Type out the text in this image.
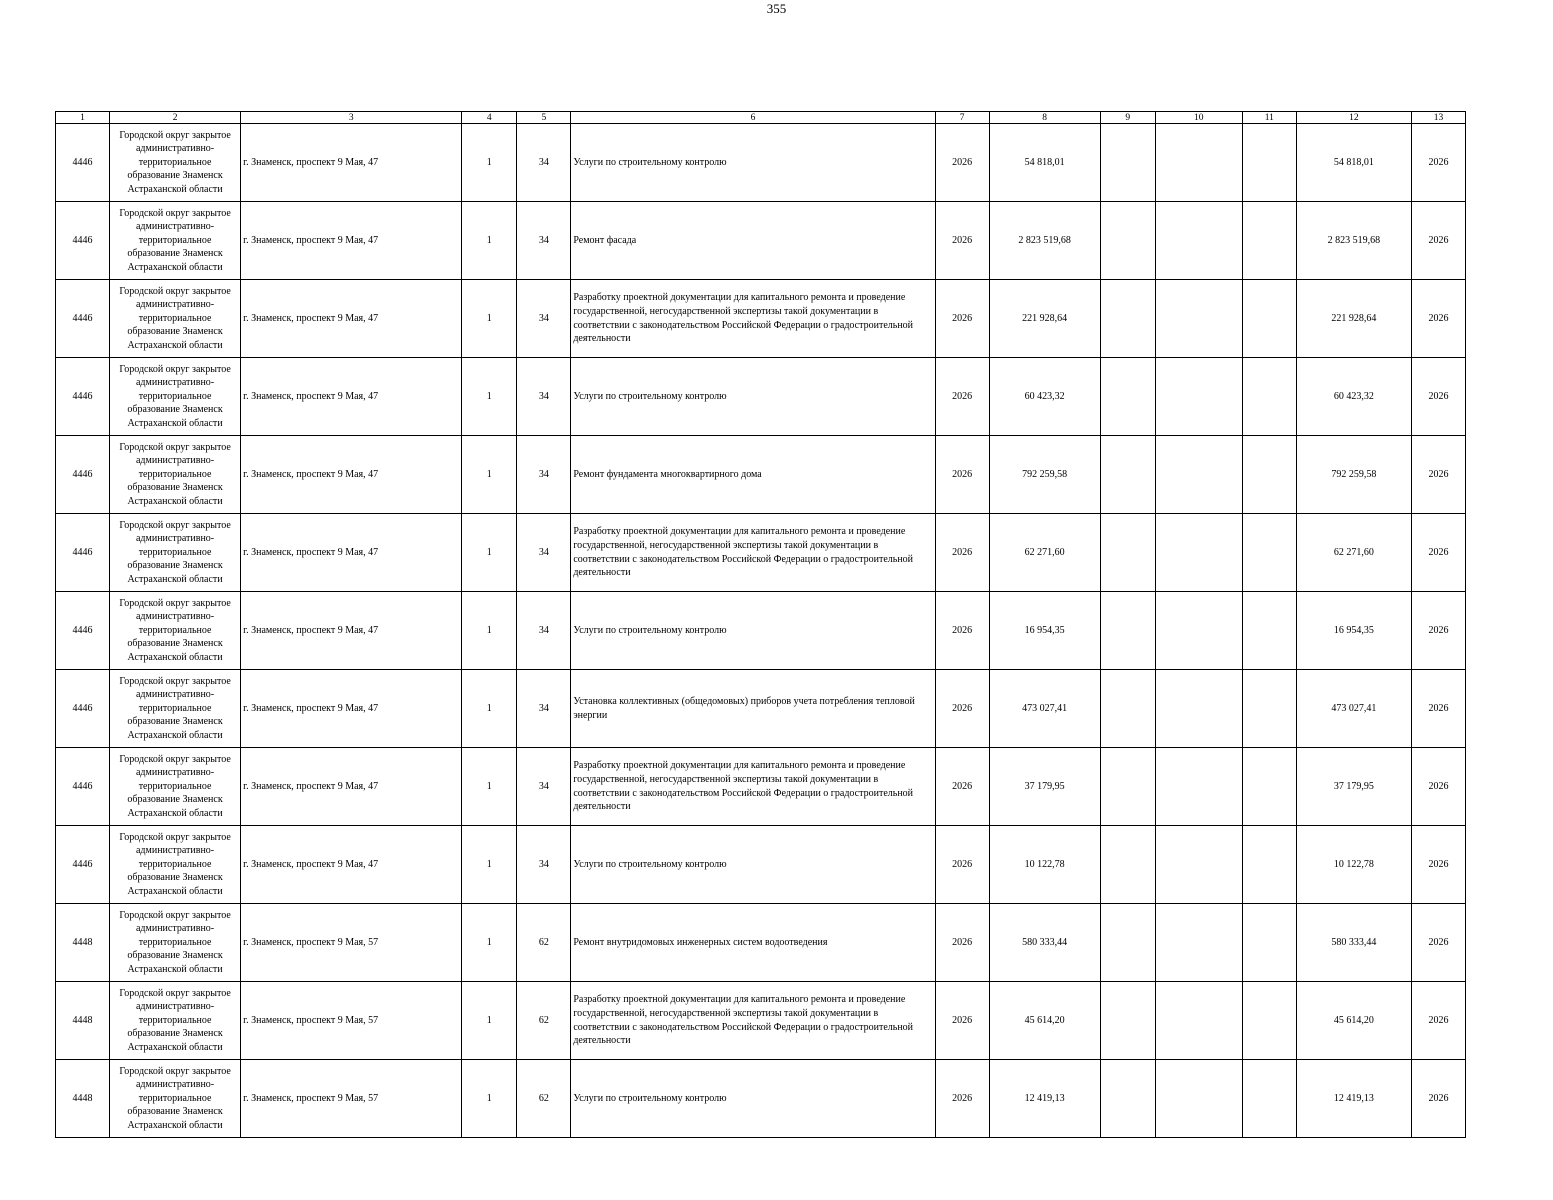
355
1	2	3	4	5	6	7	8	9	10	11	12	13
4446	Городской округ закрытое административно-территориальное образование Знаменск Астраханской области	г. Знаменск, проспект 9 Мая, 47	1	34	Услуги по строительному контролю	2026	54 818,01				54 818,01	2026
4446	Городской округ закрытое административно-территориальное образование Знаменск Астраханской области	г. Знаменск, проспект 9 Мая, 47	1	34	Ремонт фасада	2026	2 823 519,68				2 823 519,68	2026
4446	Городской округ закрытое административно-территориальное образование Знаменск Астраханской области	г. Знаменск, проспект 9 Мая, 47	1	34	Разработку проектной документации для капитального ремонта и проведение государственной, негосударственной экспертизы такой документации в соответствии с законодательством Российской Федерации о градостроительной деятельности	2026	221 928,64				221 928,64	2026
4446	Городской округ закрытое административно-территориальное образование Знаменск Астраханской области	г. Знаменск, проспект 9 Мая, 47	1	34	Услуги по строительному контролю	2026	60 423,32				60 423,32	2026
4446	Городской округ закрытое административно-территориальное образование Знаменск Астраханской области	г. Знаменск, проспект 9 Мая, 47	1	34	Ремонт фундамента многоквартирного дома	2026	792 259,58				792 259,58	2026
4446	Городской округ закрытое административно-территориальное образование Знаменск Астраханской области	г. Знаменск, проспект 9 Мая, 47	1	34	Разработку проектной документации для капитального ремонта и проведение государственной, негосударственной экспертизы такой документации в соответствии с законодательством Российской Федерации о градостроительной деятельности	2026	62 271,60				62 271,60	2026
4446	Городской округ закрытое административно-территориальное образование Знаменск Астраханской области	г. Знаменск, проспект 9 Мая, 47	1	34	Услуги по строительному контролю	2026	16 954,35				16 954,35	2026
4446	Городской округ закрытое административно-территориальное образование Знаменск Астраханской области	г. Знаменск, проспект 9 Мая, 47	1	34	Установка коллективных (общедомовых) приборов учета потребления тепловой энергии	2026	473 027,41				473 027,41	2026
4446	Городской округ закрытое административно-территориальное образование Знаменск Астраханской области	г. Знаменск, проспект 9 Мая, 47	1	34	Разработку проектной документации для капитального ремонта и проведение государственной, негосударственной экспертизы такой документации в соответствии с законодательством Российской Федерации о градостроительной деятельности	2026	37 179,95				37 179,95	2026
4446	Городской округ закрытое административно-территориальное образование Знаменск Астраханской области	г. Знаменск, проспект 9 Мая, 47	1	34	Услуги по строительному контролю	2026	10 122,78				10 122,78	2026
4448	Городской округ закрытое административно-территориальное образование Знаменск Астраханской области	г. Знаменск, проспект 9 Мая, 57	1	62	Ремонт внутридомовых инженерных систем водоотведения	2026	580 333,44				580 333,44	2026
4448	Городской округ закрытое административно-территориальное образование Знаменск Астраханской области	г. Знаменск, проспект 9 Мая, 57	1	62	Разработку проектной документации для капитального ремонта и проведение государственной, негосударственной экспертизы такой документации в соответствии с законодательством Российской Федерации о градостроительной деятельности	2026	45 614,20				45 614,20	2026
4448	Городской округ закрытое административно-территориальное образование Знаменск Астраханской области	г. Знаменск, проспект 9 Мая, 57	1	62	Услуги по строительному контролю	2026	12 419,13				12 419,13	2026
